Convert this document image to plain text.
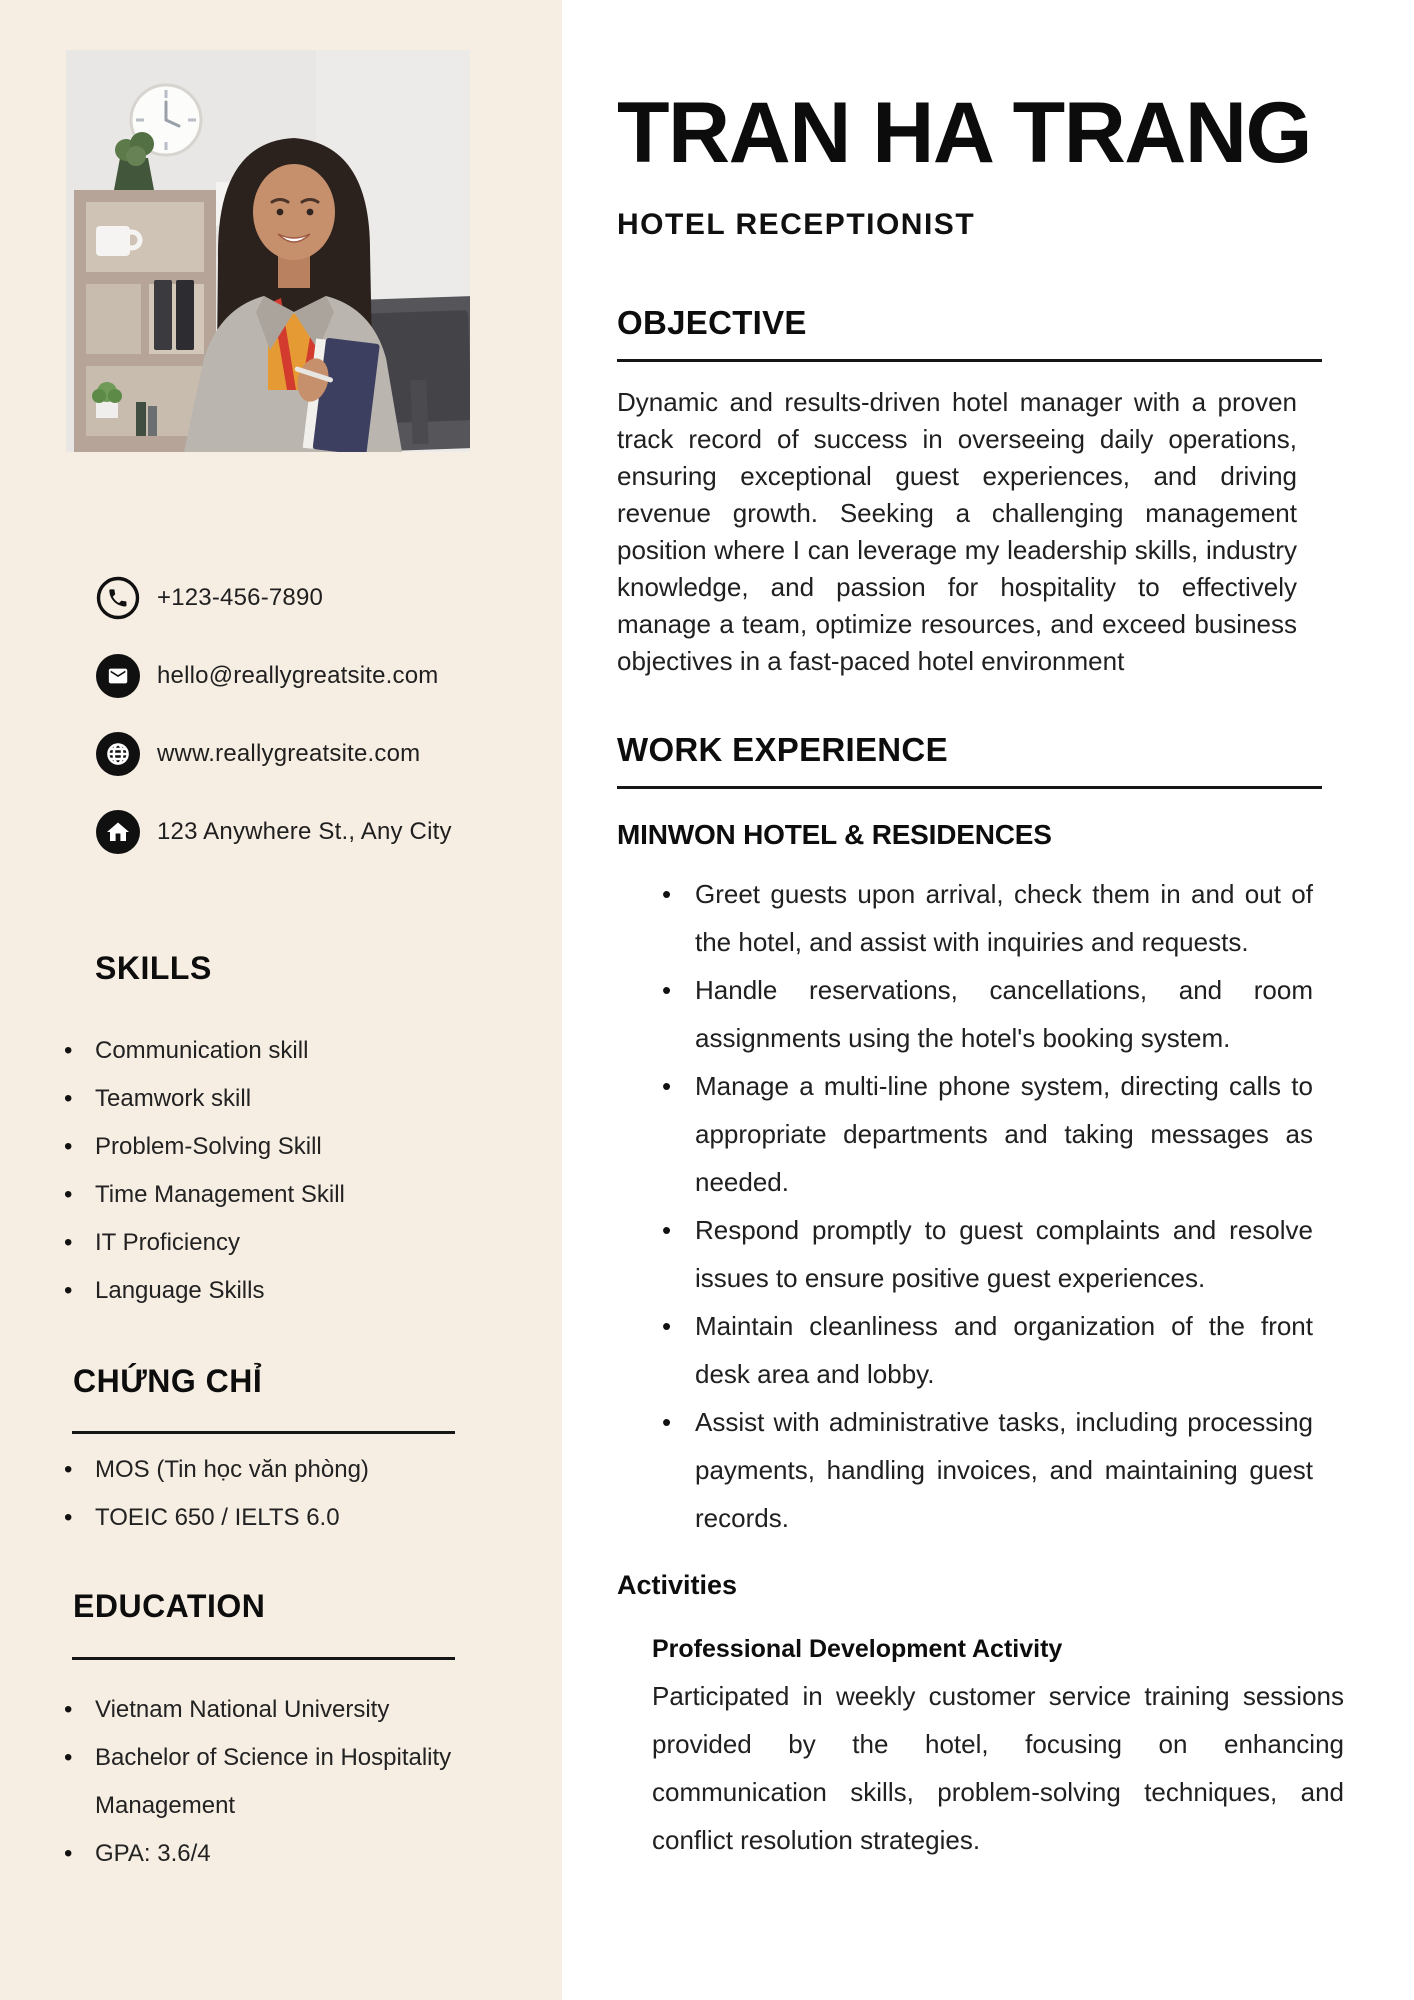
+123-456-7890
hello@reallygreatsite.com
www.reallygreatsite.com
123 Anywhere St., Any City
SKILLS
• Communication skill
• Teamwork skill
• Problem-Solving Skill
• Time Management Skill
• IT Proficiency
• Language Skills
CHỨNG CHỈ
• MOS (Tin học văn phòng)
• TOEIC 650 / IELTS 6.0
EDUCATION
• Vietnam National University
• Bachelor of Science in Hospitality Management
• GPA: 3.6/4
TRAN HA TRANG
HOTEL RECEPTIONIST
OBJECTIVE

Dynamic and results-driven hotel manager with a proven track record of success in overseeing daily operations, ensuring exceptional guest experiences, and driving revenue growth. Seeking a challenging management position where I can leverage my leadership skills, industry knowledge, and passion for hospitality to effectively manage a team, optimize resources, and exceed business objectives in a fast-paced hotel environment

WORK EXPERIENCE
MINWON HOTEL & RESIDENCES
• Greet guests upon arrival, check them in and out of the hotel, and assist with inquiries and requests.
• Handle reservations, cancellations, and room assignments using the hotel's booking system.
• Manage a multi-line phone system, directing calls to appropriate departments and taking messages as needed.
• Respond promptly to guest complaints and resolve issues to ensure positive guest experiences.
• Maintain cleanliness and organization of the front desk area and lobby.
• Assist with administrative tasks, including processing payments, handling invoices, and maintaining guest records.
Activities
Professional Development Activity

Participated in weekly customer service training sessions provided by the hotel, focusing on enhancing communication skills, problem-solving techniques, and conflict resolution strategies.
